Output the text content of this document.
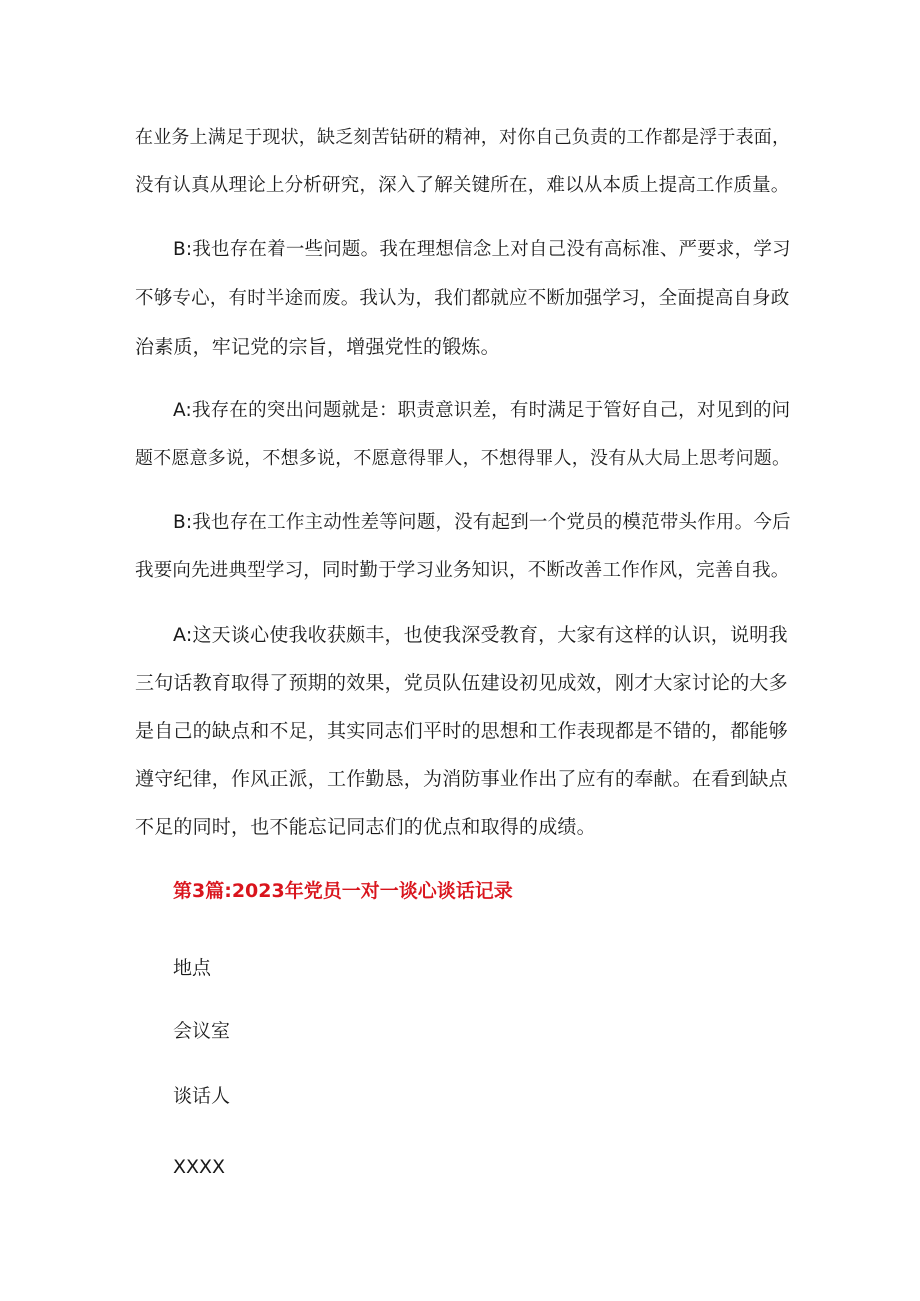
在业务上满足于现状，缺乏刻苦钻研的精神，对你自己负责的工作都是浮于表面，
没有认真从理论上分析研究，深入了解关键所在，难以从本质上提高工作质量。
B:我也存在着一些问题。我在理想信念上对自己没有高标准、严要求，学习
不够专心，有时半途而废。我认为，我们都就应不断加强学习，全面提高自身政
治素质，牢记党的宗旨，增强党性的锻炼。
A:我存在的突出问题就是：职责意识差，有时满足于管好自己，对见到的问
题不愿意多说，不想多说，不愿意得罪人，不想得罪人，没有从大局上思考问题。
B:我也存在工作主动性差等问题，没有起到一个党员的模范带头作用。今后
我要向先进典型学习，同时勤于学习业务知识，不断改善工作作风，完善自我。
A:这天谈心使我收获颇丰，也使我深受教育，大家有这样的认识，说明我
三句话教育取得了预期的效果，党员队伍建设初见成效，刚才大家讨论的大多
是自己的缺点和不足，其实同志们平时的思想和工作表现都是不错的，都能够
遵守纪律，作风正派，工作勤恳，为消防事业作出了应有的奉献。在看到缺点
不足的同时，也不能忘记同志们的优点和取得的成绩。
第3篇:2023年党员一对一谈心谈话记录
地点
会议室
谈话人
XXXX
